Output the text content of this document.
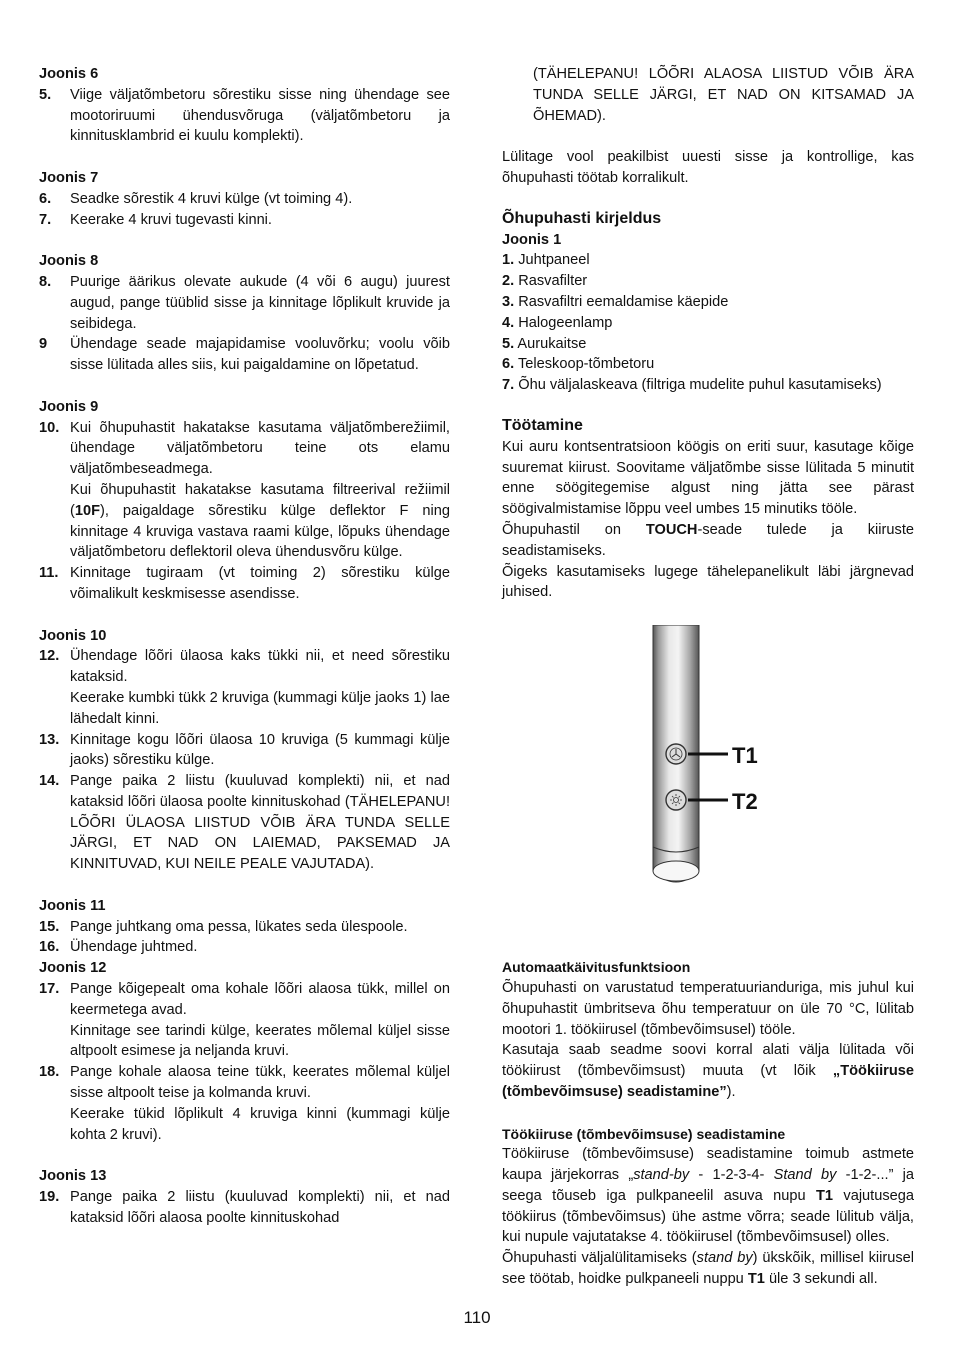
Joonis 6

5. Viige väljatõmbetoru sõrestiku sisse ning ühendage see mootoriruumi ühendusvõruga (väljatõmbetoru ja kinnitusklambrid ei kuulu komplekti).

Joonis 7

6. Seadke sõrestik 4 kruvi külge (vt toiming 4).
7. Keerake 4 kruvi tugevasti kinni.

Joonis 8

8. Puurige äärikus olevate aukude (4 või 6 augu) juurest augud, pange tüüblid sisse ja kinnitage lõplikult kruvide ja seibidega.
9 Ühendage seade majapidamise vooluvõrku; voolu võib sisse lülitada alles siis, kui paigaldamine on lõpetatud.

Joonis 9

10. Kui õhupuhastit hakatakse kasutama väljatõmberežiimil, ühendage väljatõmbetoru teine ots elamu väljatõmbeseadmega.
Kui õhupuhastit hakatakse kasutama filtreerival režiimil (10F), paigaldage sõrestiku külge deflektor F ning kinnitage 4 kruviga vastava raami külge, lõpuks ühendage väljatõmbetoru deflektoril oleva ühendusvõru külge.
11. Kinnitage tugiraam (vt toiming 2) sõrestiku külge võimalikult keskmisesse asendisse.

Joonis 10

12. Ühendage lõõri ülaosa kaks tükki nii, et need sõrestiku kataksid.
Keerake kumbki tükk 2 kruviga (kummagi külje jaoks 1) lae lähedalt kinni.
13. Kinnitage kogu lõõri ülaosa 10 kruviga (5 kummagi külje jaoks) sõrestiku külge.
14. Pange paika 2 liistu (kuuluvad komplekti) nii, et nad kataksid lõõri ülaosa poolte kinnituskohad (TÄHELEPANU! LÕÕRI ÜLAOSA LIISTUD VÕIB ÄRA TUNDA SELLE JÄRGI, ET NAD ON LAIEMAD, PAKSEMAD JA KINNITUVAD, KUI NEILE PEALE VAJUTADA).

Joonis 11

15. Pange juhtkang oma pessa, lükates seda ülespoole.
16. Ühendage juhtmed.

Joonis 12

17. Pange kõigepealt oma kohale lõõri alaosa tükk, millel on keermetega avad.
Kinnitage see tarindi külge, keerates mõlemal küljel sisse altpoolt esimese ja neljanda kruvi.
18. Pange kohale alaosa teine tükk, keerates mõlemal küljel sisse altpoolt teise ja kolmanda kruvi.
Keerake tükid lõplikult 4 kruviga kinni (kummagi külje kohta 2 kruvi).

Joonis 13

19. Pange paika 2 liistu (kuuluvad komplekti) nii, et nad kataksid lõõri alaosa poolte kinnituskohad
(TÄHELEPANU! LÕÕRI ALAOSA LIISTUD VÕIB ÄRA TUNDA SELLE JÄRGI, ET NAD ON KITSAMAD JA ÕHEMAD).

Lülitage vool peakilbist uuesti sisse ja kontrollige, kas õhupuhasti töötab korralikult.

Õhupuhasti kirjeldus

Joonis 1

1. Juhtpaneel
2. Rasvafilter
3. Rasvafiltri eemaldamise käepide
4. Halogeenlamp
5. Aurukaitse
6. Teleskoop-tõmbetoru
7. Õhu väljalaskeava (filtriga mudelite puhul kasutamiseks)

Töötamine

Kui auru kontsentratsioon köögis on eriti suur, kasutage kõige suuremat kiirust. Soovitame väljatõmbe sisse lülitada 5 minutit enne söögitegemise algust ning jätta see pärast söögivalmistamise lõppu veel umbes 15 minutiks tööle.

Õhupuhastil on TOUCH-seade tulede ja kiiruste seadistamiseks.

Õigeks kasutamiseks lugege tähelepanelikult läbi järgnevad juhised.

T1
T2

Automaatkäivitusfunktsioon

Õhupuhasti on varustatud temperatuurianduriga, mis juhul kui õhupuhastit ümbritseva õhu temperatuur on üle 70 °C, lülitab mootori 1. töökiirusel (tõmbevõimsusel) tööle.

Kasutaja saab seadme soovi korral alati välja lülitada või töökiirust (tõmbevõimsust) muuta (vt lõik „Töökiiruse (tõmbevõimsuse) seadistamine”).

Töökiiruse (tõmbevõimsuse) seadistamine

Töökiiruse (tõmbevõimsuse) seadistamine toimub astmete kaupa järjekorras „stand-by - 1-2-3-4- Stand by -1-2-...” ja seega tõuseb iga pulkpaneelil asuva nupu T1 vajutusega töökiirus (tõmbevõimsus) ühe astme võrra; seade lülitub välja, kui nupule vajutatakse 4. töökiirusel (tõmbevõimsusel) olles.

Õhupuhasti väljalülitamiseks (stand by) ükskõik, millisel kiirusel see töötab, hoidke pulkpaneeli nuppu T1 üle 3 sekundi all.

110
